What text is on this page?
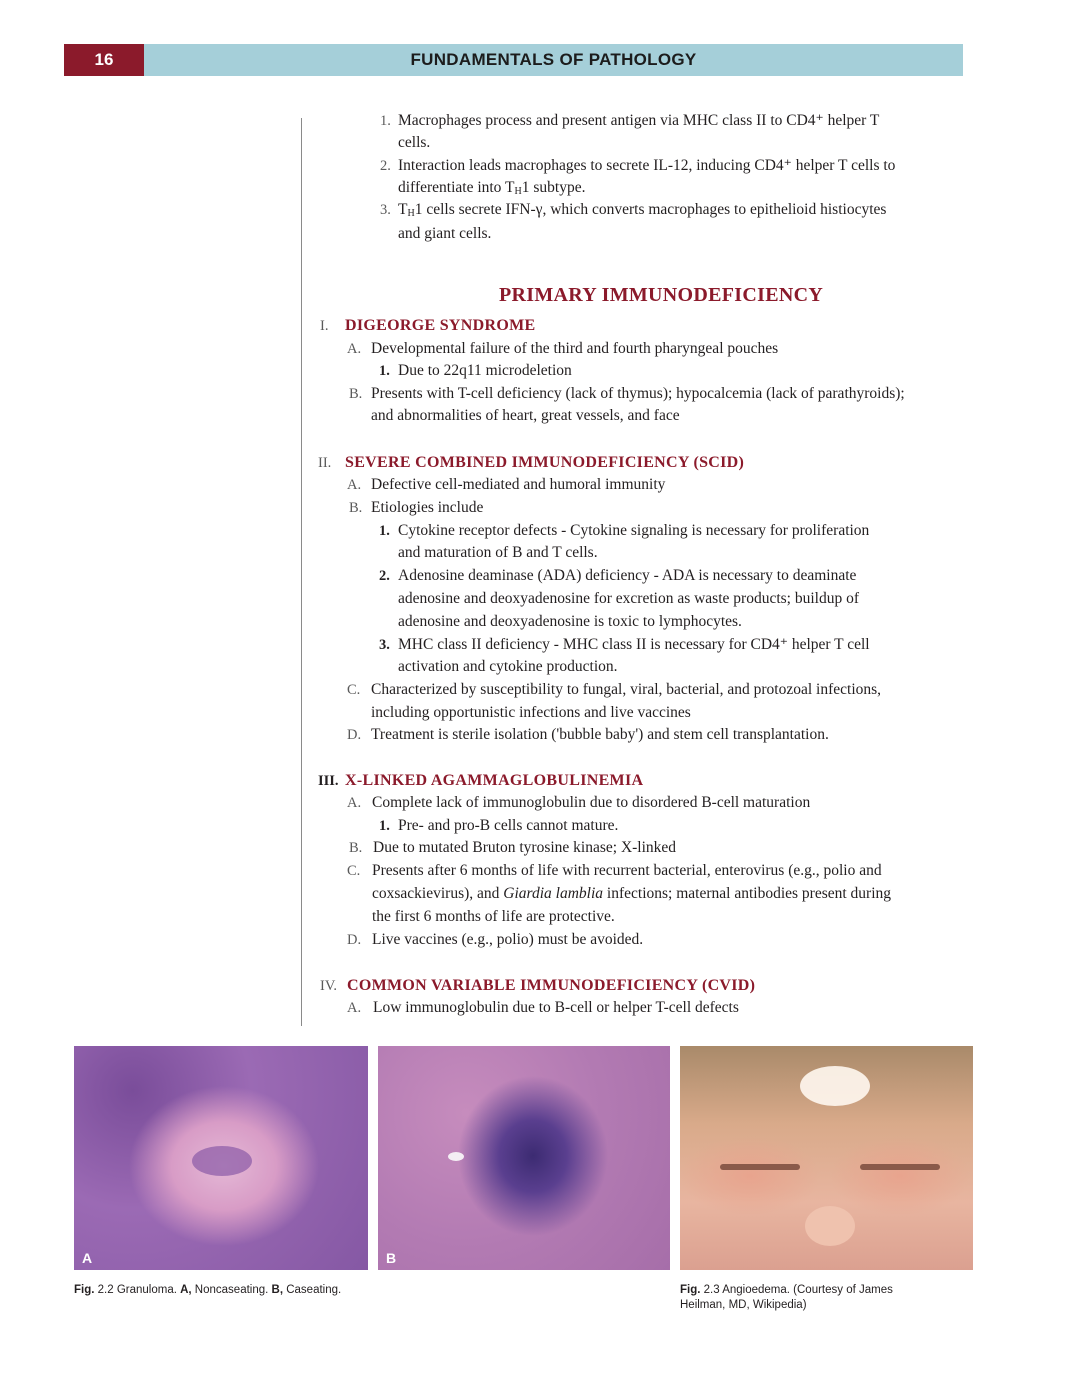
16	FUNDAMENTALS OF PATHOLOGY
1. Macrophages process and present antigen via MHC class II to CD4⁺ helper T
cells.
2. Interaction leads macrophages to secrete IL-12, inducing CD4⁺ helper T cells to
differentiate into $T_H1$ subtype.
3. $T_H1$ cells secrete IFN-γ, which converts macrophages to epithelioid histiocytes
and giant cells.
PRIMARY IMMUNODEFICIENCY
I. DIGEORGE SYNDROME
A. Developmental failure of the third and fourth pharyngeal pouches
1. Due to 22q11 microdeletion
B. Presents with T-cell deficiency (lack of thymus); hypocalcemia (lack of parathyroids);
and abnormalities of heart, great vessels, and face
II. SEVERE COMBINED IMMUNODEFICIENCY (SCID)
A. Defective cell-mediated and humoral immunity
B. Etiologies include
1. Cytokine receptor defects - Cytokine signaling is necessary for proliferation
and maturation of B and T cells.
2. Adenosine deaminase (ADA) deficiency - ADA is necessary to deaminate
adenosine and deoxyadenosine for excretion as waste products; buildup of
adenosine and deoxyadenosine is toxic to lymphocytes.
3. MHC class II deficiency - MHC class II is necessary for CD4⁺ helper T cell
activation and cytokine production.
C. Characterized by susceptibility to fungal, viral, bacterial, and protozoal infections,
including opportunistic infections and live vaccines
D. Treatment is sterile isolation ('bubble baby') and stem cell transplantation.
III. X-LINKED AGAMMAGLOBULINEMIA
A. Complete lack of immunoglobulin due to disordered B-cell maturation
1. Pre- and pro-B cells cannot mature.
B. Due to mutated Bruton tyrosine kinase; X-linked
C. Presents after 6 months of life with recurrent bacterial, enterovirus (e.g., polio and
coxsackievirus), and Giardia lamblia infections; maternal antibodies present during
the first 6 months of life are protective.
D. Live vaccines (e.g., polio) must be avoided.
IV. COMMON VARIABLE IMMUNODEFICIENCY (CVID)
A. Low immunoglobulin due to B-cell or helper T-cell defects
A	B
Fig. 2.2 Granuloma. A, Noncaseating. B, Caseating.	Fig. 2.3 Angioedema. (Courtesy of James
Heilman, MD, Wikipedia)
